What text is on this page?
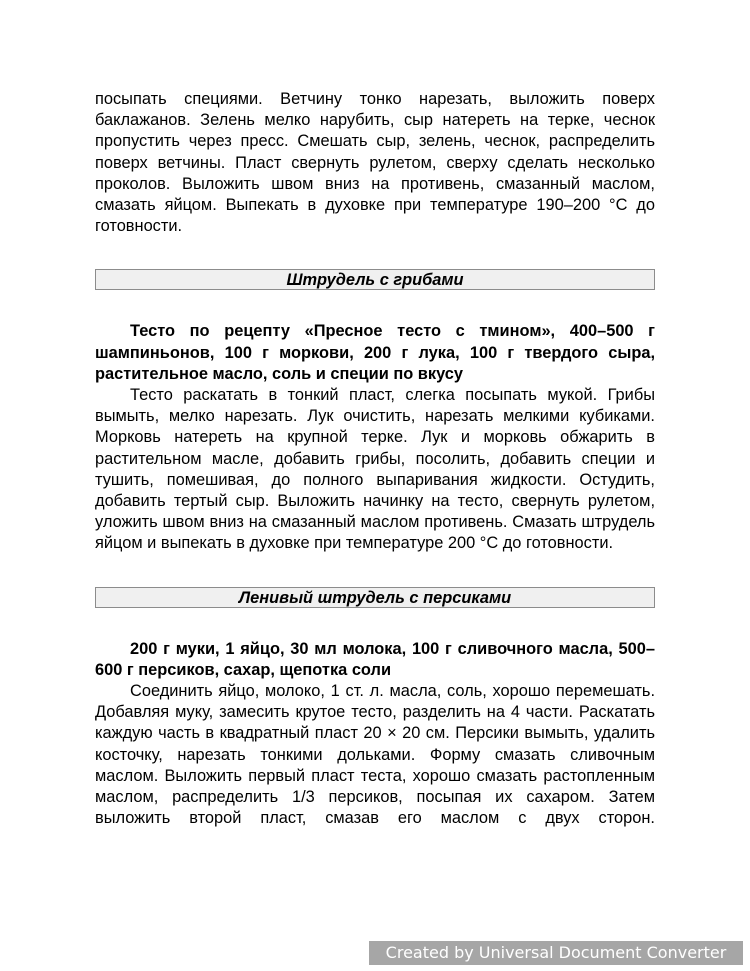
посыпать специями. Ветчину тонко нарезать, выложить поверх баклажанов. Зелень мелко нарубить, сыр натереть на терке, чеснок пропустить через пресс. Смешать сыр, зелень, чеснок, распределить поверх ветчины. Пласт свернуть рулетом, сверху сделать несколько проколов. Выложить швом вниз на противень, смазанный маслом, смазать яйцом. Выпекать в духовке при температуре 190–200 °С до готовности.

Штрудель с грибами

Тесто по рецепту «Пресное тесто с тмином», 400–500 г шампиньонов, 100 г моркови, 200 г лука, 100 г твердого сыра, растительное масло, соль и специи по вкусу

Тесто раскатать в тонкий пласт, слегка посыпать мукой. Грибы вымыть, мелко нарезать. Лук очистить, нарезать мелкими кубиками. Морковь натереть на крупной терке. Лук и морковь обжарить в растительном масле, добавить грибы, посолить, добавить специи и тушить, помешивая, до полного выпаривания жидкости. Остудить, добавить тертый сыр. Выложить начинку на тесто, свернуть рулетом, уложить швом вниз на смазанный маслом противень. Смазать штрудель яйцом и выпекать в духовке при температуре 200 °С до готовности.

Ленивый штрудель с персиками

200 г муки, 1 яйцо, 30 мл молока, 100 г сливочного масла, 500–600 г персиков, сахар, щепотка соли

Соединить яйцо, молоко, 1 ст. л. масла, соль, хорошо перемешать. Добавляя муку, замесить крутое тесто, разделить на 4 части. Раскатать каждую часть в квадратный пласт 20 × 20 см. Персики вымыть, удалить косточку, нарезать тонкими дольками. Форму смазать сливочным маслом. Выложить первый пласт теста, хорошо смазать растопленным маслом, распределить 1/3 персиков, посыпая их сахаром. Затем выложить второй пласт, смазав его маслом с двух сторон.

Created by Universal Document Converter
